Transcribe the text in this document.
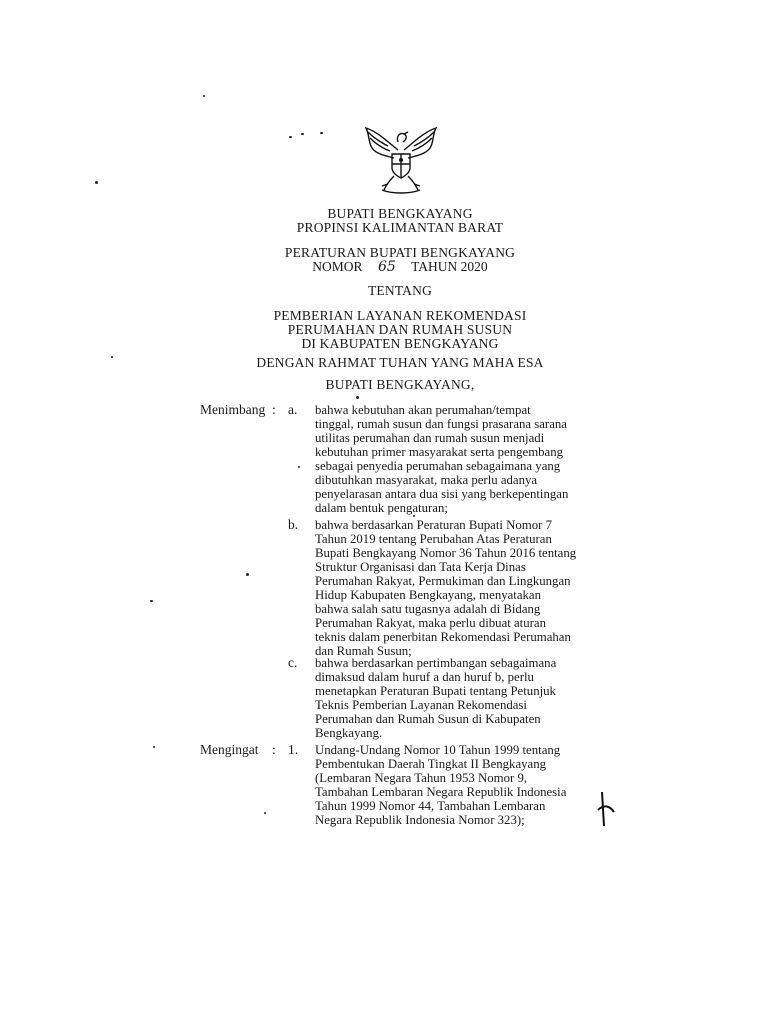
BUPATI BENGKAYANG
PROPINSI KALIMANTAN BARAT
PERATURAN BUPATI BENGKAYANG
NOMOR 65 TAHUN 2020
TENTANG
PEMBERIAN LAYANAN REKOMENDASI
PERUMAHAN DAN RUMAH SUSUN
DI KABUPATEN BENGKAYANG
DENGAN RAHMAT TUHAN YANG MAHA ESA
BUPATI BENGKAYANG,
Menimbang : a. bahwa kebutuhan akan perumahan/tempat

tinggal, rumah susun dan fungsi prasarana sarana

utilitas perumahan dan rumah susun menjadi

kebutuhan primer masyarakat serta pengembang

sebagai penyedia perumahan sebagaimana yang

dibutuhkan masyarakat, maka perlu adanya

penyelarasan antara dua sisi yang berkepentingan

dalam bentuk pengaturan;

b. bahwa berdasarkan Peraturan Bupati Nomor 7

Tahun 2019 tentang Perubahan Atas Peraturan

Bupati Bengkayang Nomor 36 Tahun 2016 tentang

Struktur Organisasi dan Tata Kerja Dinas

Perumahan Rakyat, Permukiman dan Lingkungan

Hidup Kabupaten Bengkayang, menyatakan

bahwa salah satu tugasnya adalah di Bidang

Perumahan Rakyat, maka perlu dibuat aturan

teknis dalam penerbitan Rekomendasi Perumahan

dan Rumah Susun;

c. bahwa berdasarkan pertimbangan sebagaimana

dimaksud dalam huruf a dan huruf b, perlu

menetapkan Peraturan Bupati tentang Petunjuk

Teknis Pemberian Layanan Rekomendasi

Perumahan dan Rumah Susun di Kabupaten

Bengkayang.

Mengingat : 1. Undang-Undang Nomor 10 Tahun 1999 tentang

Pembentukan Daerah Tingkat II Bengkayang

(Lembaran Negara Tahun 1953 Nomor 9,

Tambahan Lembaran Negara Republik Indonesia

Tahun 1999 Nomor 44, Tambahan Lembaran

Negara Republik Indonesia Nomor 323);
